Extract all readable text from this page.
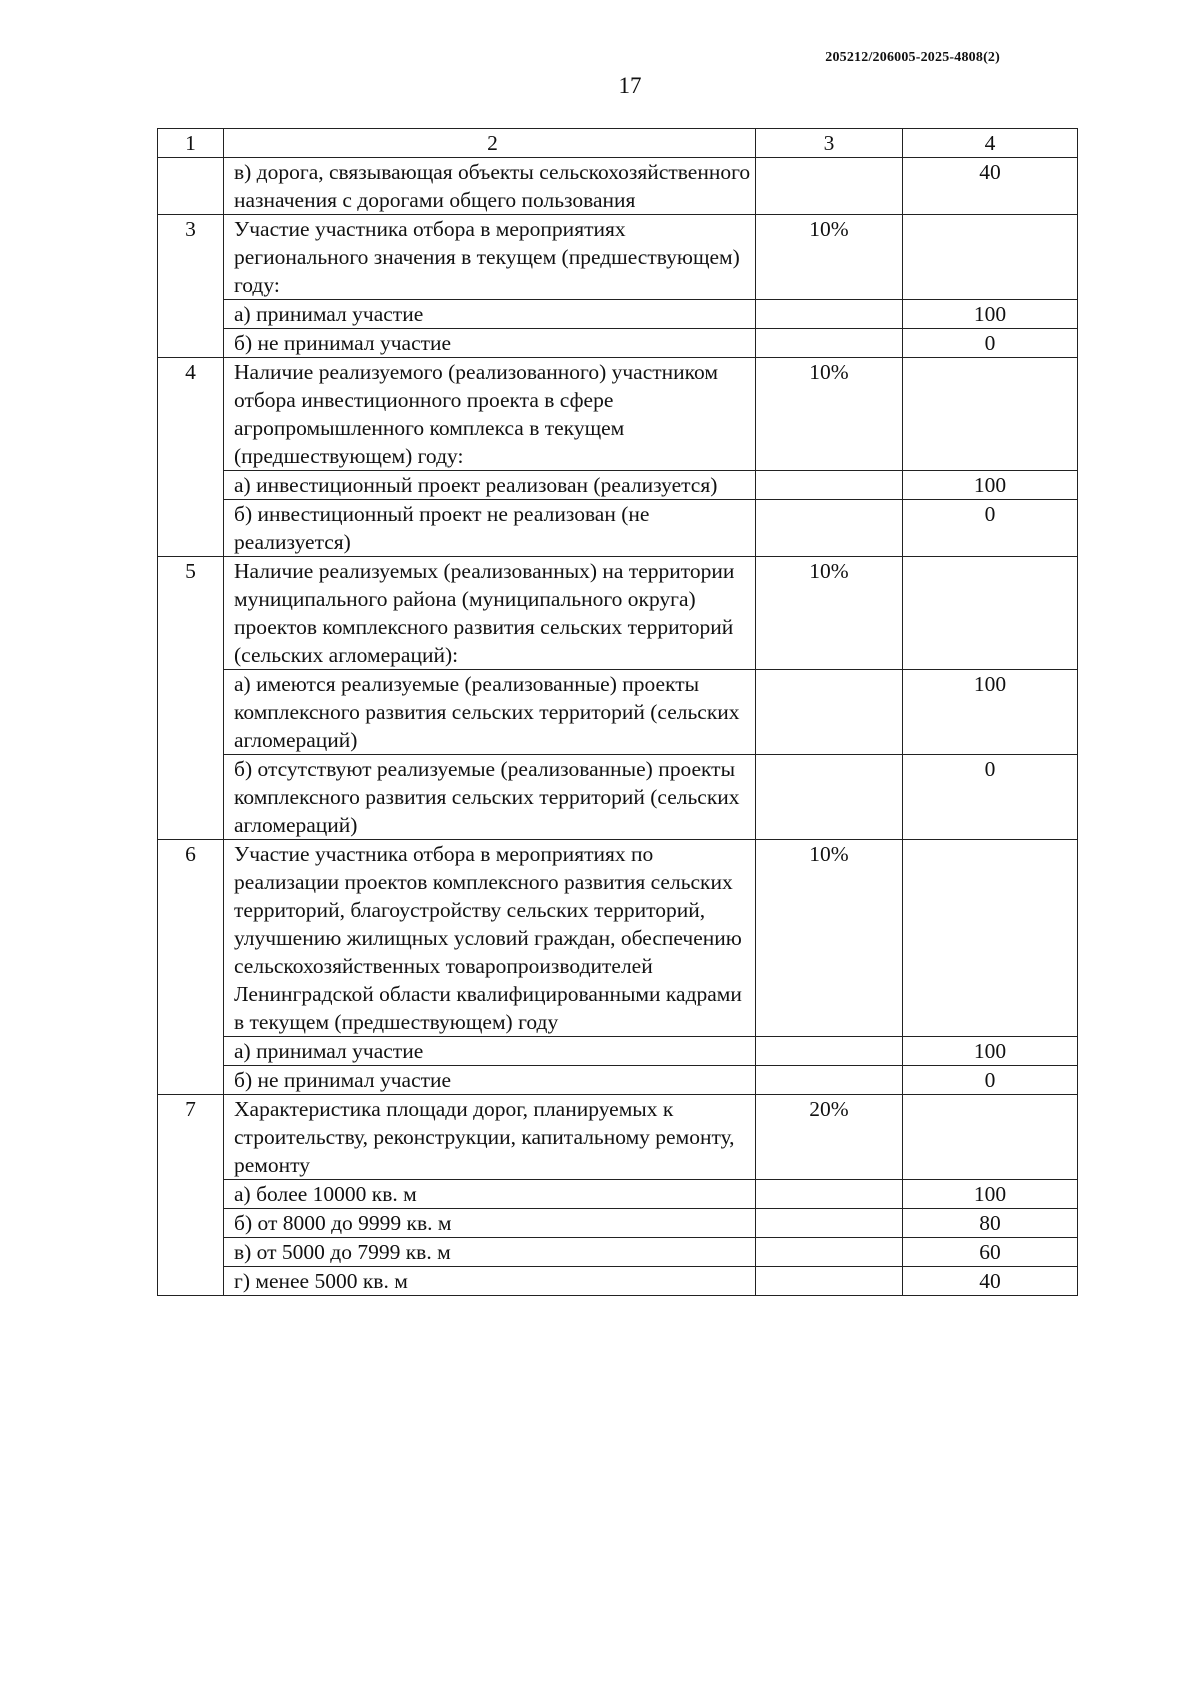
205212/206005-2025-4808(2)
17
1	2	3	4
	в) дорога, связывающая объекты сельскохозяйственного назначения с дорогами общего пользования		40
3	Участие участника отбора в мероприятиях регионального значения в текущем (предшествующем) году:	10%	
	а) принимал участие		100
	б) не принимал участие		0
4	Наличие реализуемого (реализованного) участником отбора инвестиционного проекта в сфере агропромышленного комплекса в текущем (предшествующем) году:	10%	
	а) инвестиционный проект реализован (реализуется)		100
	б) инвестиционный проект не реализован (не реализуется)		0
5	Наличие реализуемых (реализованных) на территории муниципального района (муниципального округа) проектов комплексного развития сельских территорий (сельских агломераций):	10%	
	а) имеются реализуемые (реализованные) проекты комплексного развития сельских территорий (сельских агломераций)		100
	б) отсутствуют реализуемые (реализованные) проекты комплексного развития сельских территорий (сельских агломераций)		0
6	Участие участника отбора в мероприятиях по реализации проектов комплексного развития сельских территорий, благоустройству сельских территорий, улучшению жилищных условий граждан, обеспечению сельскохозяйственных товаропроизводителей Ленинградской области квалифицированными кадрами в текущем (предшествующем) году	10%	
	а) принимал участие		100
	б) не принимал участие		0
7	Характеристика площади дорог, планируемых к строительству, реконструкции, капитальному ремонту, ремонту	20%	
	а) более 10000 кв. м		100
	б) от 8000 до 9999 кв. м		80
	в) от 5000 до 7999 кв. м		60
	г) менее 5000 кв. м		40
